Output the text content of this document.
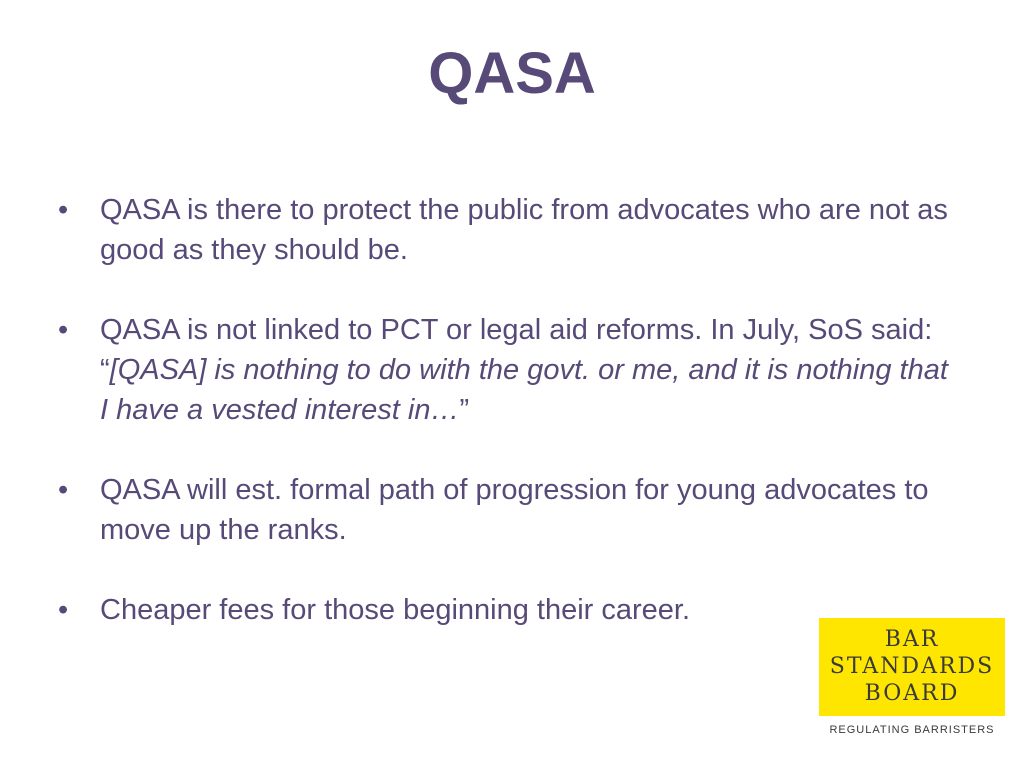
QASA
•	QASA is there to protect the public from advocates who are not as good as they should be.
•	QASA is not linked to PCT or legal aid reforms. In July, SoS said: “[QASA] is nothing to do with the govt. or me, and it is nothing that I have a vested interest in…”
•	QASA will est. formal path of progression for young advocates to move up the ranks.
•	Cheaper fees for those beginning their career.
BAR
STANDARDS
BOARD
REGULATING BARRISTERS
